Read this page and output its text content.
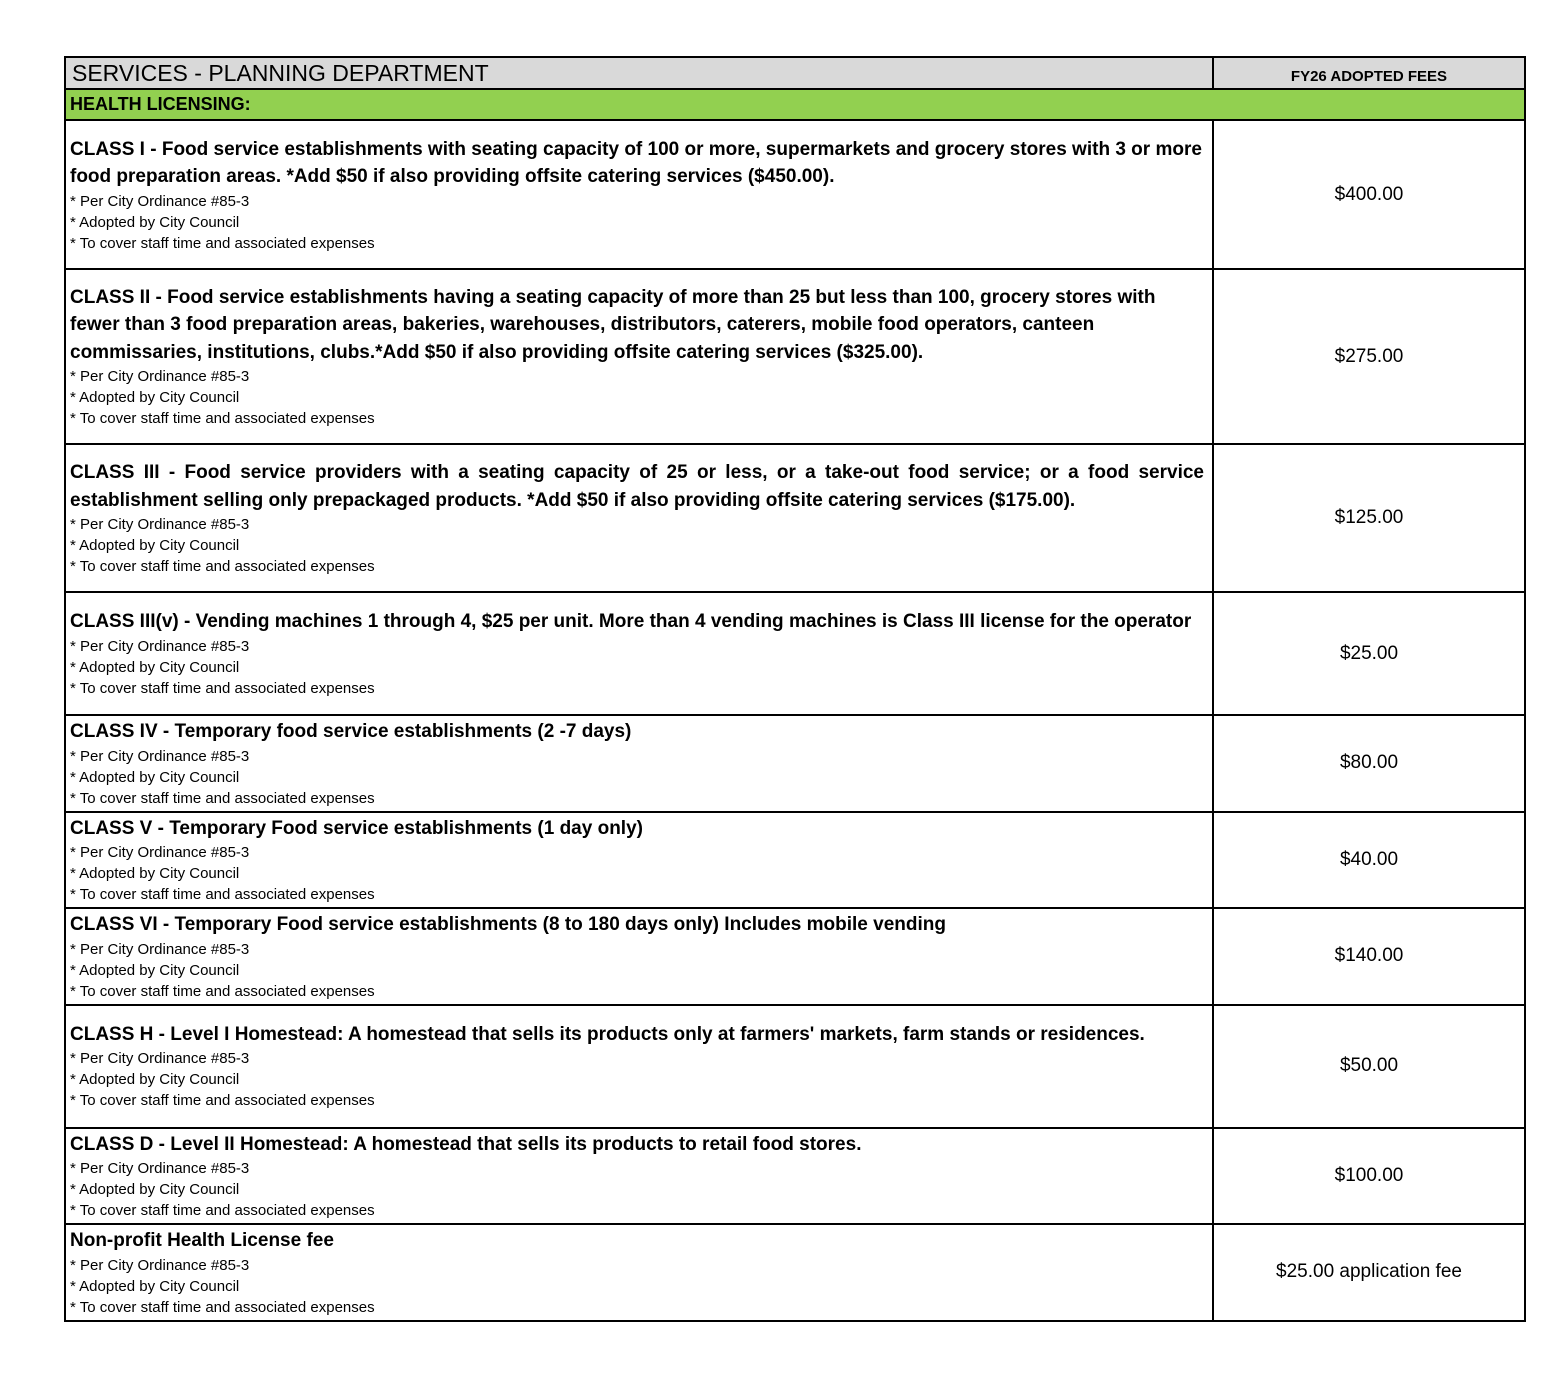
SERVICES - PLANNING DEPARTMENT	FY26 ADOPTED FEES

HEALTH LICENSING:	

CLASS I - Food service establishments with seating capacity of 100 or more, supermarkets and grocery stores with 3 or more food preparation areas. *Add $50 if also providing offsite catering services ($450.00).
* Per City Ordinance #85-3
* Adopted by City Council
* To cover staff time and associated expenses	$400.00

CLASS II - Food service establishments having a seating capacity of more than 25 but less than 100, grocery stores with fewer than 3 food preparation areas, bakeries, warehouses, distributors, caterers, mobile food operators, canteen commissaries, institutions, clubs.*Add $50 if also providing offsite catering services ($325.00).
* Per City Ordinance #85-3
* Adopted by City Council
* To cover staff time and associated expenses	$275.00

CLASS III - Food service providers with a seating capacity of 25 or less, or a take-out food service; or a food service establishment selling only prepackaged products. *Add $50 if also providing offsite catering services ($175.00).
* Per City Ordinance #85-3
* Adopted by City Council
* To cover staff time and associated expenses	$125.00

CLASS III(v) - Vending machines 1 through 4, $25 per unit. More than 4 vending machines is Class III license for the operator
* Per City Ordinance #85-3
* Adopted by City Council
* To cover staff time and associated expenses	$25.00

CLASS IV - Temporary food service establishments (2 -7 days)
* Per City Ordinance #85-3
* Adopted by City Council
* To cover staff time and associated expenses	$80.00

CLASS V - Temporary Food service establishments (1 day only)
* Per City Ordinance #85-3
* Adopted by City Council
* To cover staff time and associated expenses	$40.00

CLASS VI - Temporary Food service establishments (8 to 180 days only) Includes mobile vending
* Per City Ordinance #85-3
* Adopted by City Council
* To cover staff time and associated expenses	$140.00

CLASS H - Level I Homestead: A homestead that sells its products only at farmers' markets, farm stands or residences.
* Per City Ordinance #85-3
* Adopted by City Council
* To cover staff time and associated expenses	$50.00

CLASS D - Level II Homestead: A homestead that sells its products to retail food stores.
* Per City Ordinance #85-3
* Adopted by City Council
* To cover staff time and associated expenses	$100.00

Non-profit Health License fee
* Per City Ordinance #85-3
* Adopted by City Council
* To cover staff time and associated expenses	$25.00 application fee
